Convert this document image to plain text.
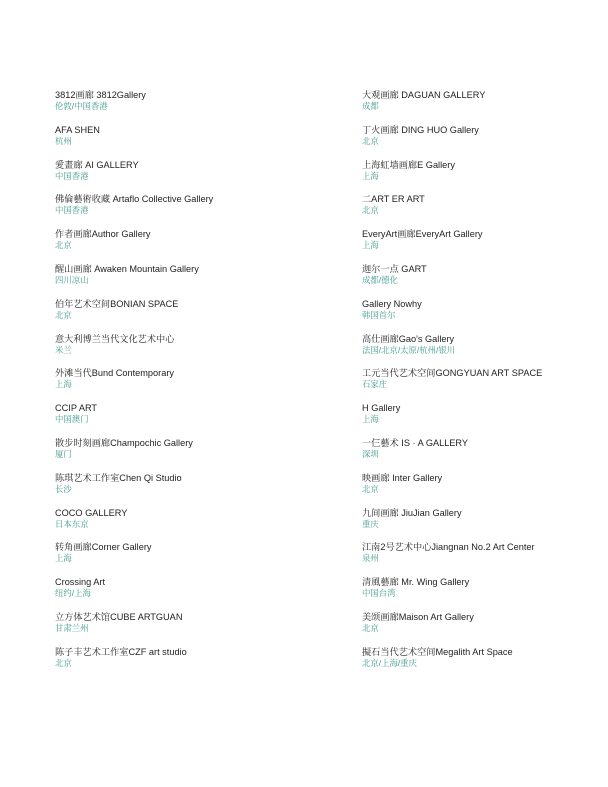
3812画廊 3812Gallery
伦敦/中国香港
AFA SHEN
杭州
愛畫廊 AI GALLERY
中国香港
佛倫藝術收藏 Artaflo Collective Gallery
中国香港
作者画廊Author Gallery
北京
醒山画廊 Awaken Mountain Gallery
四川凉山
伯年艺术空间BONIAN SPACE
北京
意大利博兰当代文化艺术中心
米兰
外滩当代Bund Contemporary
上海
CCIP ART
中国澳门
散步时刻画廊Champochic Gallery
厦门
陈琪艺术工作室Chen Qi Studio
长沙
COCO GALLERY
日本东京
转角画廊Corner Gallery
上海
Crossing Art
纽约/上海
立方体艺术馆CUBE ARTGUAN
甘肃兰州
陈子丰艺术工作室CZF art studio
北京
大观画廊 DAGUAN GALLERY
成都
丁火画廊 DING HUO Gallery
北京
上海虹墙画廊E Gallery
上海
二ART ER ART
北京
EveryArt画廊EveryArt Gallery
上海
迦尔一点 GART
成都/德化
Gallery Nowhy
韩国首尔
高仕画廊Gao's Gallery
法国/北京/太原/杭州/银川
工元当代艺术空间GONGYUAN ART SPACE
石家庄
H Gallery
上海
一仨藝术 IS · A GALLERY
深圳
映画廊 Inter Gallery
北京
九间画廊 JiuJian Gallery
重庆
江南2号艺术中心Jiangnan No.2 Art Center
泉州
清風藝廊 Mr. Wing Gallery
中国台湾
美颂画廊Maison Art Gallery
北京
擬石当代艺术空间Megalith Art Space
北京/上海/重庆
